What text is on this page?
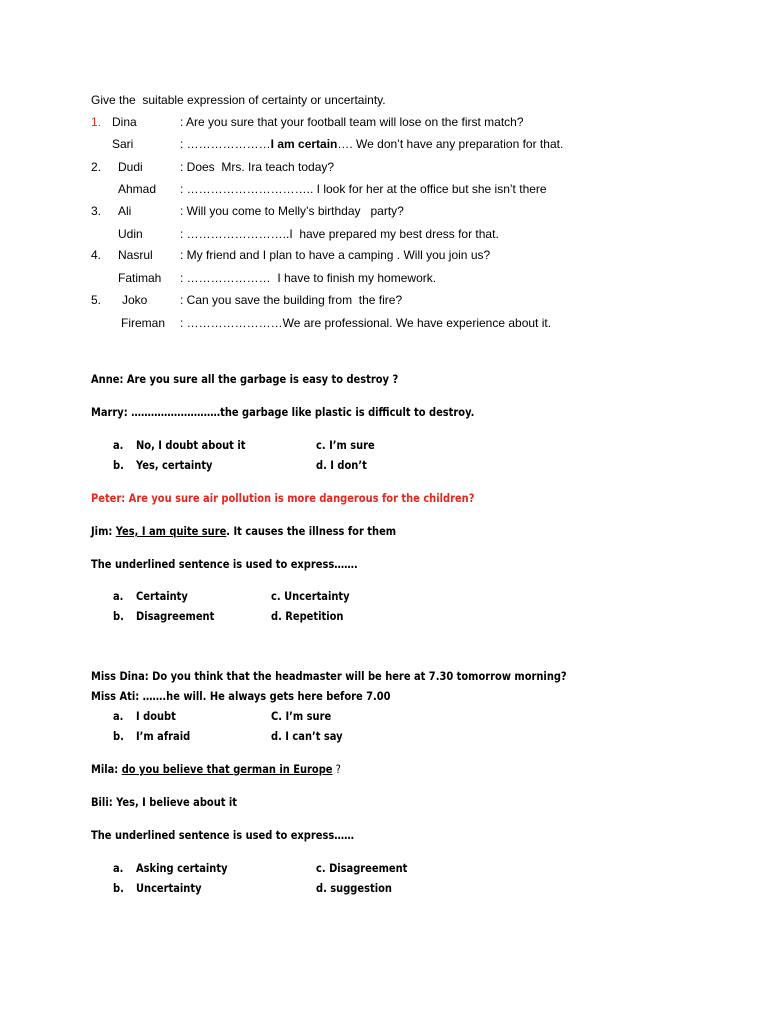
Give the  suitable expression of certainty or uncertainty.
1. Dina	: Are you sure that your football team will lose on the first match?
Sari	: …………………I am certain…. We don’t have any preparation for that.
2. Dudi	: Does  Mrs. Ira teach today?
Ahmad : ………………………….. I look for her at the office but she isn’t there
3. Ali	: Will you come to Melly’s birthday   party?
Udin	: ……………………..I  have prepared my best dress for that.
4. Nasrul : My friend and I plan to have a camping . Will you join us?
Fatimah : …………………  I have to finish my homework.
5. Joko	: Can you save the building from  the fire?
Fireman : ……………………We are professional. We have experience about it.
Anne: Are you sure all the garbage is easy to destroy ?
Marry: ………………………the garbage like plastic is difficult to destroy.
a. No, I doubt about it	c. I’m sure
b. Yes, certainty	d. I don’t
Peter: Are you sure air pollution is more dangerous for the children?
Jim: Yes, I am quite sure. It causes the illness for them
The underlined sentence is used to express…….
a. Certainty	c. Uncertainty
b. Disagreement	d. Repetition
Miss Dina: Do you think that the headmaster will be here at 7.30 tomorrow morning?
Miss Ati: …….he will. He always gets here before 7.00
a. I doubt	C. I’m sure
b. I’m afraid	d. I can’t say
Mila: do you believe that german in Europe ?
Bili: Yes, I believe about it
The underlined sentence is used to express……
a. Asking certainty	c. Disagreement
b. Uncertainty	d. suggestion
